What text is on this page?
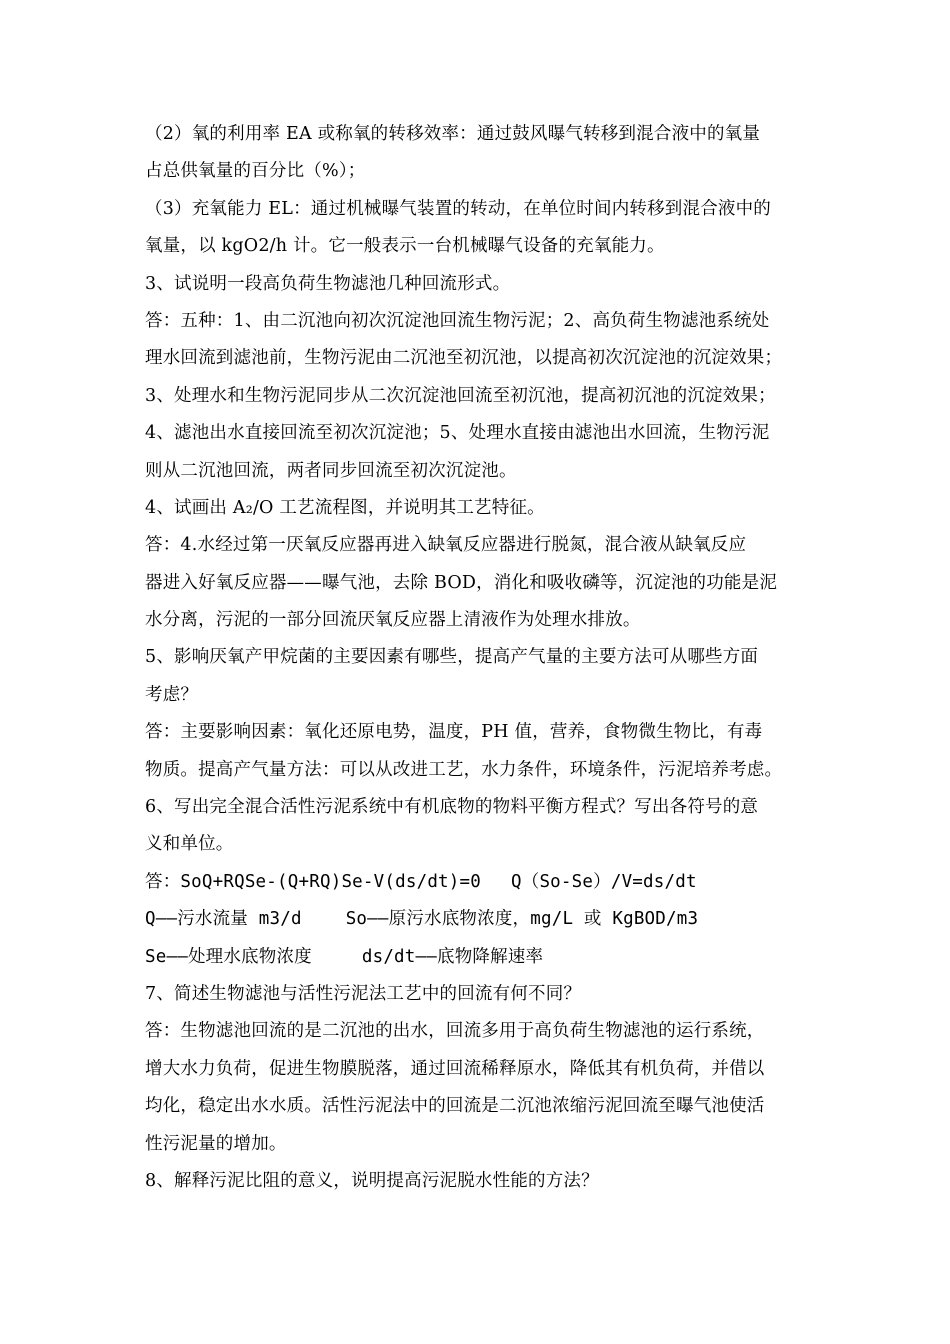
（2）氧的利用率 EA 或称氧的转移效率：通过鼓风曝气转移到混合液中的氧量
占总供氧量的百分比（%）；
（3）充氧能力 EL：通过机械曝气装置的转动，在单位时间内转移到混合液中的
氧量，以 kgO2/h 计。它一般表示一台机械曝气设备的充氧能力。
3、试说明一段高负荷生物滤池几种回流形式。
答：五种：1、由二沉池向初次沉淀池回流生物污泥；2、高负荷生物滤池系统处
理水回流到滤池前，生物污泥由二沉池至初沉池，以提高初次沉淀池的沉淀效果；
3、处理水和生物污泥同步从二次沉淀池回流至初沉池，提高初沉池的沉淀效果；
4、滤池出水直接回流至初次沉淀池；5、处理水直接由滤池出水回流，生物污泥
则从二沉池回流，两者同步回流至初次沉淀池。
4、试画出 A₂/O 工艺流程图，并说明其工艺特征。
答：4.水经过第一厌氧反应器再进入缺氧反应器进行脱氮，混合液从缺氧反应
器进入好氧反应器——曝气池，去除 BOD，消化和吸收磷等，沉淀池的功能是泥
水分离，污泥的一部分回流厌氧反应器上清液作为处理水排放。
5、影响厌氧产甲烷菌的主要因素有哪些，提高产气量的主要方法可从哪些方面
考虑？
答：主要影响因素：氧化还原电势，温度，PH 值，营养，食物微生物比，有毒
物质。提高产气量方法：可以从改进工艺，水力条件，环境条件，污泥培养考虑。
6、写出完全混合活性污泥系统中有机底物的物料平衡方程式？写出各符号的意
义和单位。
答：SoQ+RQSe-(Q+RQ)Se-V(ds/dt)=0 Q（So-Se）/V=ds/dt
Q——污水流量 m3/d	So——原污水底物浓度，mg/L 或 KgBOD/m3
Se——处理水底物浓度	ds/dt——底物降解速率
7、简述生物滤池与活性污泥法工艺中的回流有何不同？
答：生物滤池回流的是二沉池的出水，回流多用于高负荷生物滤池的运行系统，
增大水力负荷，促进生物膜脱落，通过回流稀释原水，降低其有机负荷，并借以
均化，稳定出水水质。活性污泥法中的回流是二沉池浓缩污泥回流至曝气池使活
性污泥量的增加。
8、解释污泥比阻的意义，说明提高污泥脱水性能的方法？
